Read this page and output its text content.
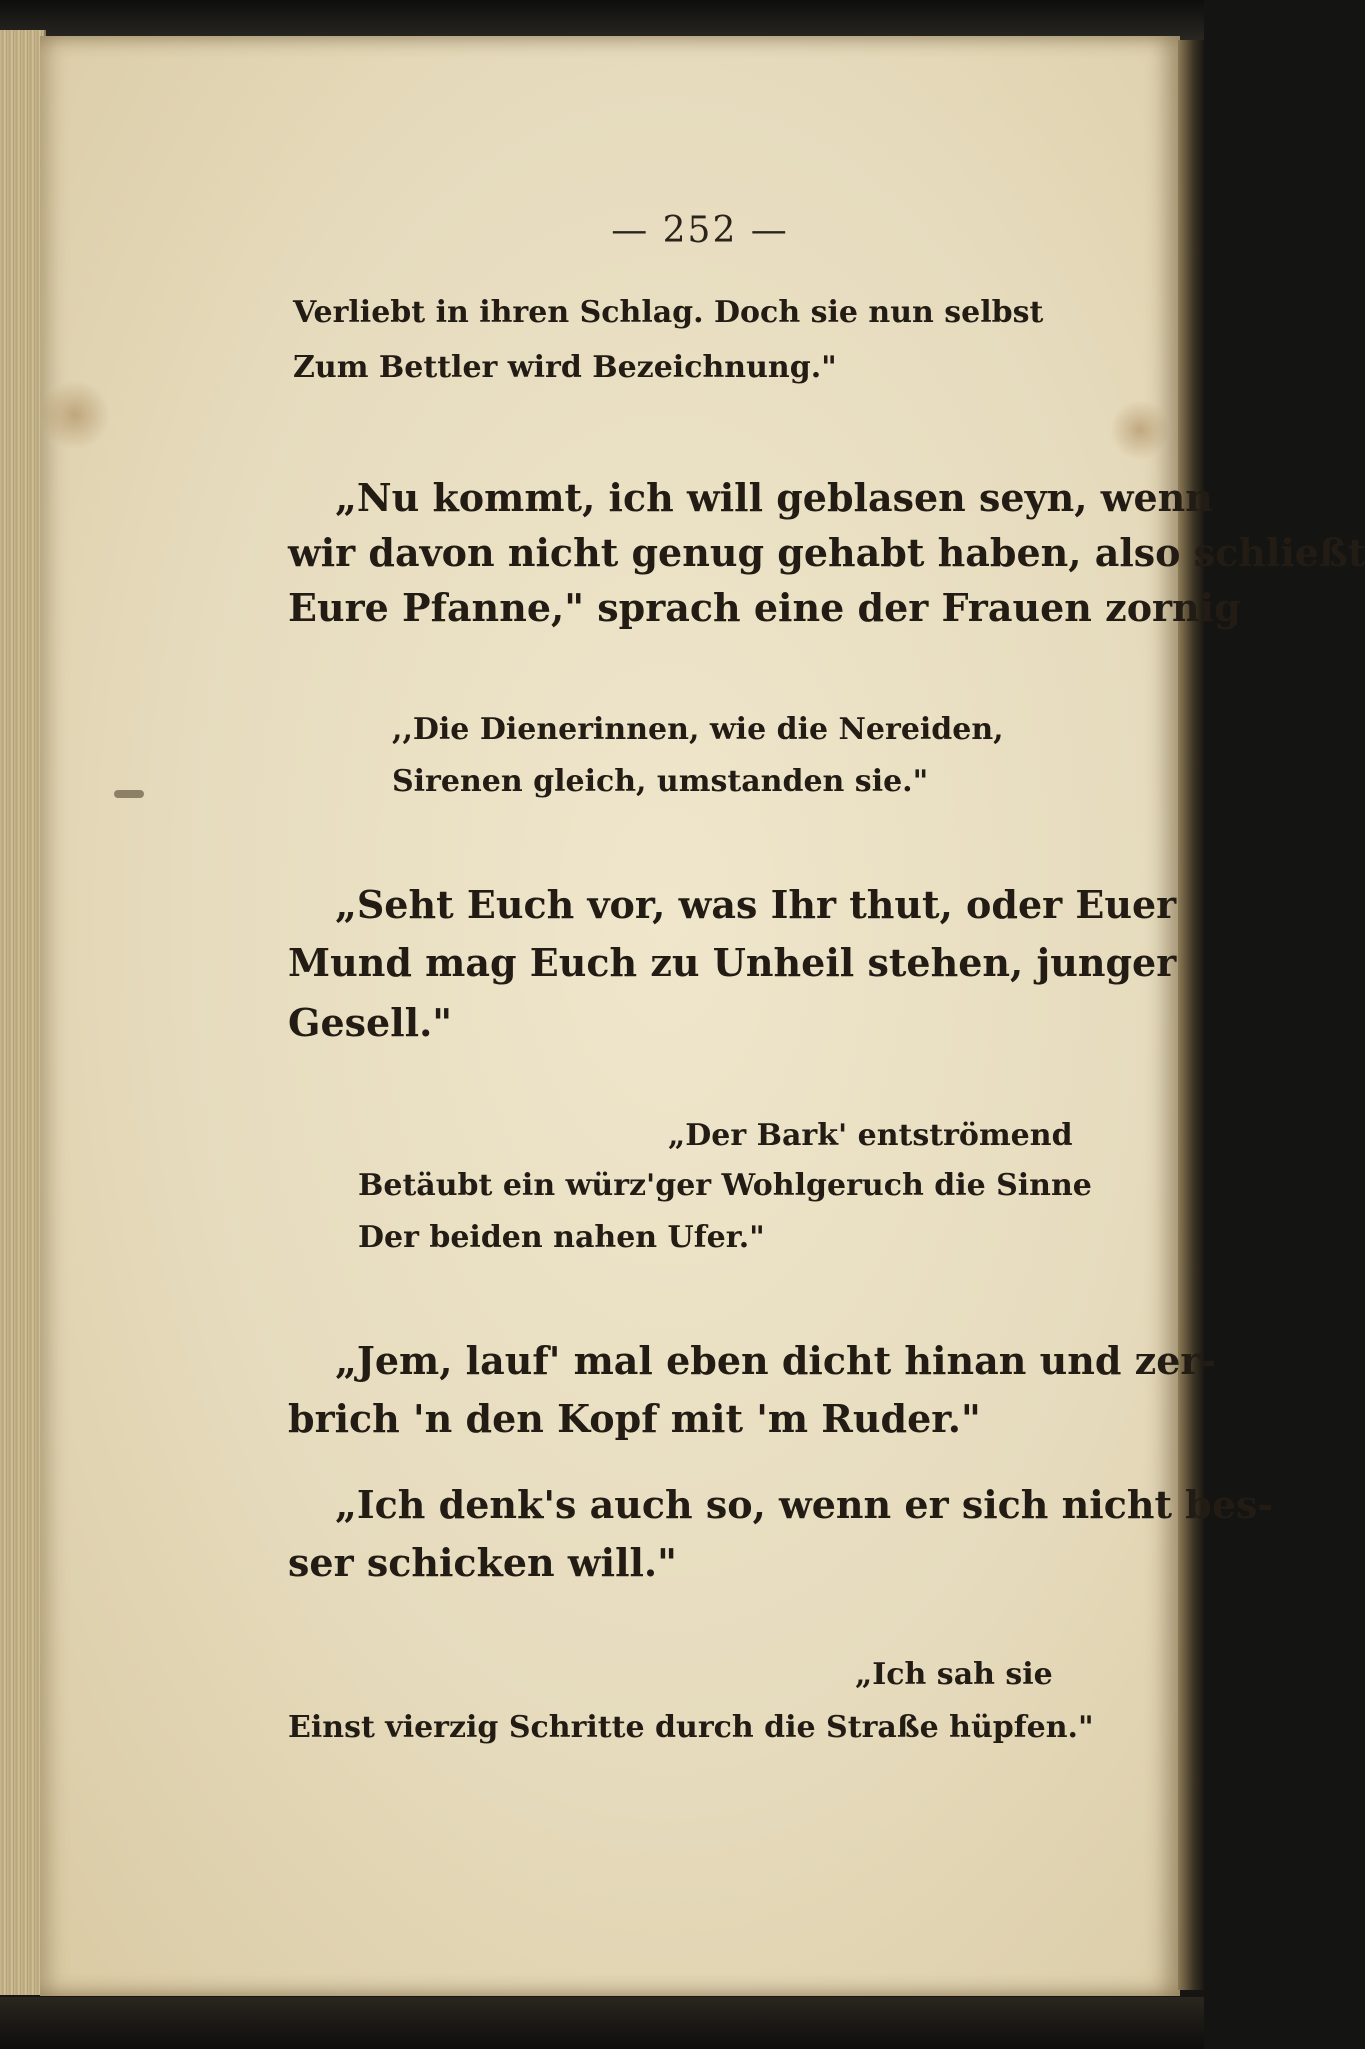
— 252 —
Verliebt in ihren Schlag. Doch sie nun selbst
Zum Bettler wird Bezeichnung."
„Nu kommt, ich will geblasen seyn, wenn
wir davon nicht genug gehabt haben, also schließt
Eure Pfanne," sprach eine der Frauen zornig
,,Die Dienerinnen, wie die Nereiden,
Sirenen gleich, umstanden sie."
„Seht Euch vor, was Ihr thut, oder Euer
Mund mag Euch zu Unheil stehen, junger
Gesell."
„Der Bark' entströmend
Betäubt ein würz'ger Wohlgeruch die Sinne
Der beiden nahen Ufer."
„Jem, lauf' mal eben dicht hinan und zer-
brich 'n den Kopf mit 'm Ruder."
„Ich denk's auch so, wenn er sich nicht bes-
ser schicken will."
„Ich sah sie
Einst vierzig Schritte durch die Straße hüpfen."
